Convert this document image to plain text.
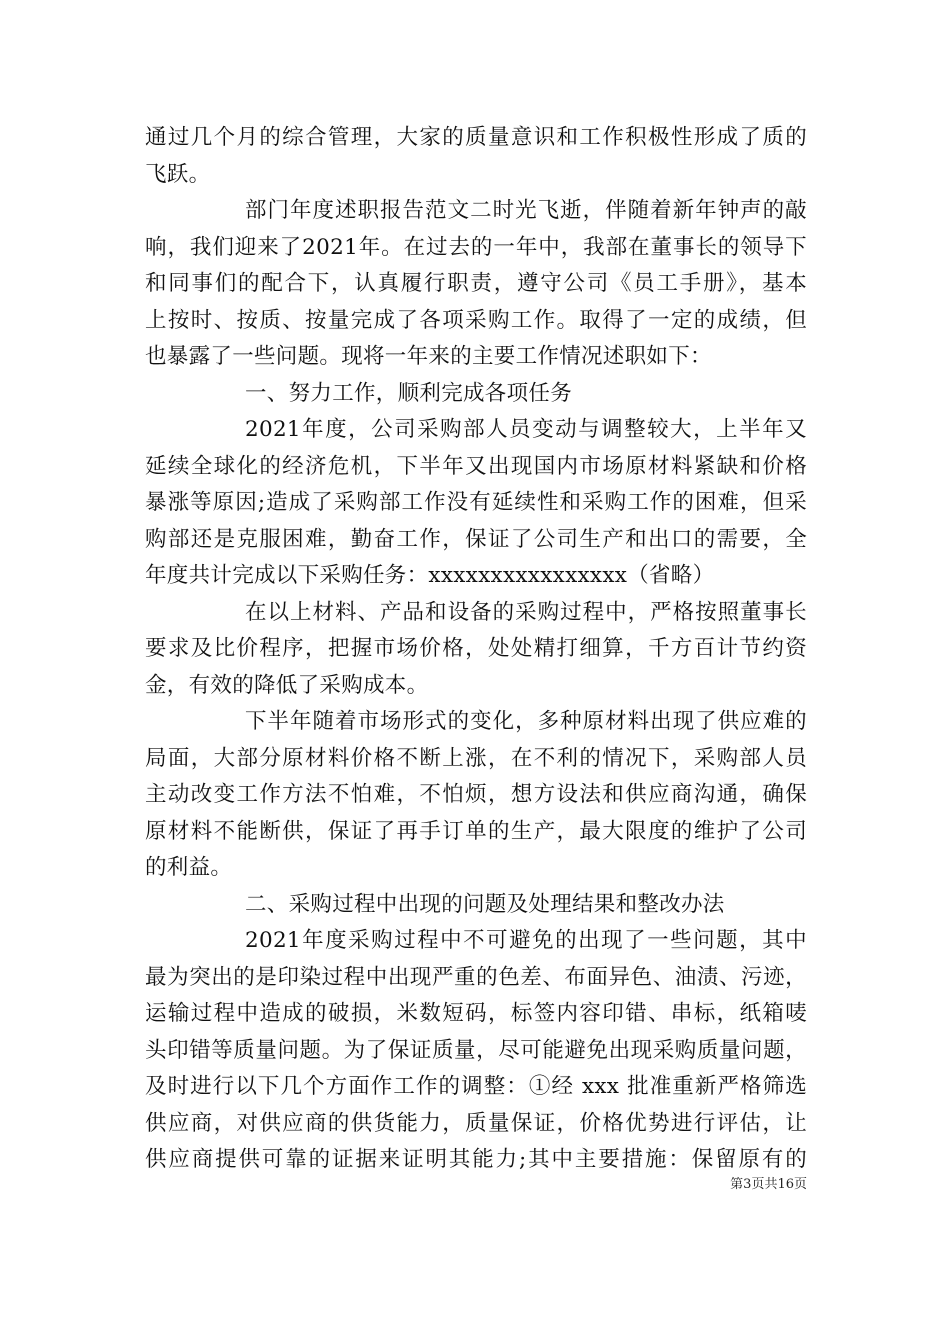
通过几个月的综合管理，大家的质量意识和工作积极性形成了质的
飞跃。
部门年度述职报告范文二时光飞逝，伴随着新年钟声的敲
响，我们迎来了2021年。在过去的一年中，我部在董事长的领导下
和同事们的配合下，认真履行职责，遵守公司《员工手册》，基本
上按时、按质、按量完成了各项采购工作。取得了一定的成绩，但
也暴露了一些问题。现将一年来的主要工作情况述职如下：
一、努力工作，顺利完成各项任务
2021年度，公司采购部人员变动与调整较大，上半年又
延续全球化的经济危机，下半年又出现国内市场原材料紧缺和价格
暴涨等原因;造成了采购部工作没有延续性和采购工作的困难，但采
购部还是克服困难，勤奋工作，保证了公司生产和出口的需要，全
年度共计完成以下采购任务：xxxxxxxxxxxxxxxx（省略）
在以上材料、产品和设备的采购过程中，严格按照董事长
要求及比价程序，把握市场价格，处处精打细算，千方百计节约资
金，有效的降低了采购成本。
下半年随着市场形式的变化，多种原材料出现了供应难的
局面，大部分原材料价格不断上涨，在不利的情况下，采购部人员
主动改变工作方法不怕难，不怕烦，想方设法和供应商沟通，确保
原材料不能断供，保证了再手订单的生产，最大限度的维护了公司
的利益。
二、采购过程中出现的问题及处理结果和整改办法
2021年度采购过程中不可避免的出现了一些问题，其中
最为突出的是印染过程中出现严重的色差、布面异色、油渍、污迹，
运输过程中造成的破损，米数短码，标签内容印错、串标，纸箱唛
头印错等质量问题。为了保证质量，尽可能避免出现采购质量问题，
及时进行以下几个方面作工作的调整：①经 xxx 批准重新严格筛选
供应商，对供应商的供货能力，质量保证，价格优势进行评估，让
供应商提供可靠的证据来证明其能力;其中主要措施：保留原有的
第3页共16页
